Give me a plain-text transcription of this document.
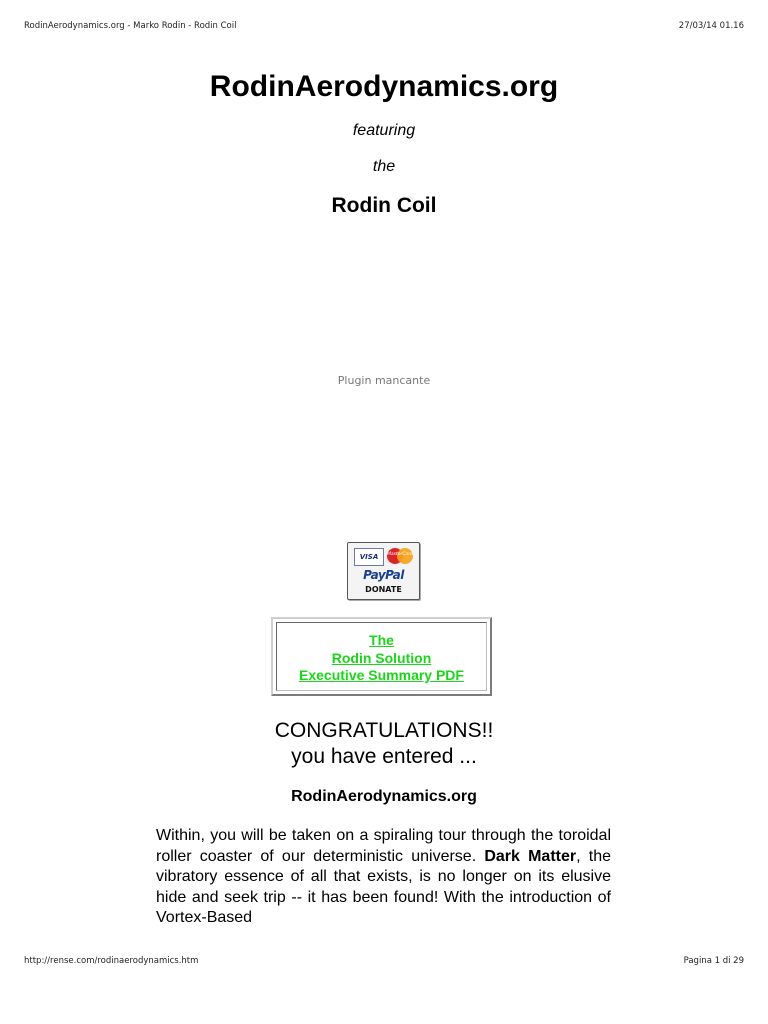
RodinAerodynamics.org - Marko Rodin - Rodin Coil	27/03/14 01.16
RodinAerodynamics.org
featuring
the
Rodin Coil
Plugin mancante
VISA	MasterCard
PayPal
DONATE
The
Rodin Solution
Executive Summary PDF
CONGRATULATIONS!!
you have entered ...
RodinAerodynamics.org

Within, you will be taken on a spiraling tour through the toroidal roller coaster of our deterministic universe. Dark Matter, the vibratory essence of all that exists, is no longer on its elusive hide and seek trip -- it has been found! With the introduction of Vortex-Based

http://rense.com/rodinaerodynamics.htm	Pagina 1 di 29
